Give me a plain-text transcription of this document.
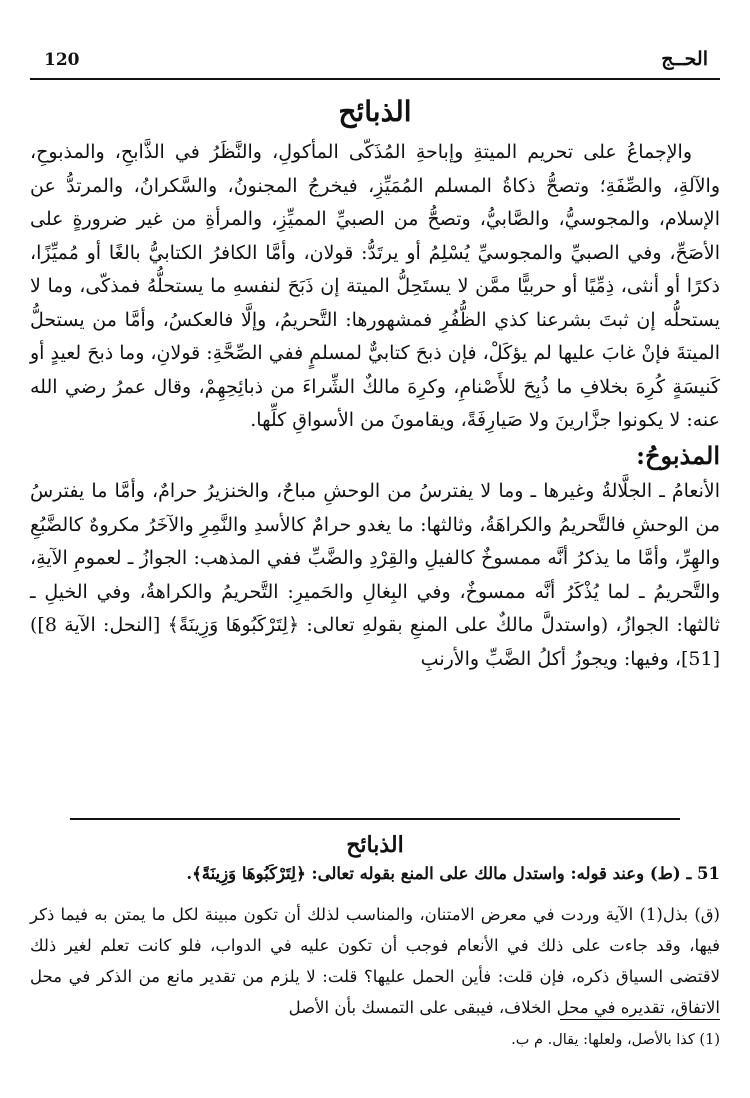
120	الحــج
الذبائح

والإجماعُ على تحريم الميتةِ وإباحةِ المُذَكّى المأكولِ، والنَّظَرُ في الذَّابحِ، والمذبوحِ، والآلةِ، والصِّفَةِ؛ وتصحُّ ذكاةُ المسلم المُمَيِّزِ، فيخرجُ المجنونُ، والسَّكرانُ، والمرتدُّ عن الإسلام، والمجوسيُّ، والصَّابيُّ، وتصحُّ من الصبيِّ المميِّزِ، والمرأةِ من غير ضرورةٍ على الأصَحِّ، وفي الصبيِّ والمجوسيِّ يُسْلِمُ أو يرتَدُّ: قولان، وأمَّا الكافرُ الكتابيُّ بالغًا أو مُميِّزًا، ذكرًا أو أنثى، ذِمِّيًا أو حربيًّا ممَّن لا يستَحِلُّ الميتة إن ذَبَحَ لنفسهِ ما يستحلُّهُ فمذكّى، وما لا يستحلُّه إن ثبتَ بشرعنا كذي الظُّفُرِ فمشهورها: التَّحريمُ، وإلَّا فالعكسُ، وأمَّا من يستحلُّ الميتةَ فإنْ غابَ عليها لم يؤكَلْ، فإن ذبحَ كتابيٌّ لمسلمٍ ففي الصِّحَّةِ: قولانِ، وما ذبحَ لعيدٍ أو كَنيسَةٍ كُرِهَ بخلافِ ما ذُبِحَ للأَصْنامِ، وكرِهَ مالكٌ الشِّراءَ من ذبائِحِهِمْ، وقال عمرُ رضي الله عنه: لا يكونوا جزَّارينَ ولا صَيارِفَةً، ويقامونَ من الأسواقِ كلِّها.

المذبوحُ:

الأنعامُ ـ الجلَّالةُ وغيرها ـ وما لا يفترسُ من الوحشِ مباحٌ، والخنزيرُ حرامٌ، وأمَّا ما يفترسُ من الوحشِ فالتَّحريمُ والكراهَةُ، وثالثها: ما يغدو حرامٌ كالأسدِ والنَّمِرِ والآخَرُ مكروهٌ كالضَّبُعِ والهِرِّ، وأمَّا ما يذكرُ أنَّه ممسوخٌ كالفيلِ والقِرْدِ والضَّبِّ ففي المذهب: الجوازُ ـ لعمومِ الآيةِ، والتَّحريمُ ـ لما يُذْكَرُ أنَّه ممسوخٌ، وفي البِغالِ والحَميرِ: التَّحريمُ والكراهةُ، وفي الخيلِ ـ ثالثها: الجوازُ، (واستدلَّ مالكٌ على المنعِ بقولهِ تعالى: ﴿لِتَرْكَبُوهَا وَزِينَةً﴾ [النحل: الآية 8])[51]، وفيها: ويجوزُ أكلُ الضَّبِّ والأرنبِ

الذبائح
51 ـ (ط) وعند قوله: واستدل مالك على المنع بقوله تعالى: ﴿لِتَرْكَبُوهَا وَزِينَةً﴾.

(ق) بذل(1) الآية وردت في معرض الامتنان، والمناسب لذلك أن تكون مبينة لكل ما يمتن به فيما ذكر فيها، وقد جاءت على ذلك في الأنعام فوجب أن تكون عليه في الدواب، فلو كانت تعلم لغير ذلك لاقتضى السياق ذكره، فإن قلت: فأين الحمل عليها؟ قلت: لا يلزم من تقدير مانع من الذكر في محل الاتفاق، تقديره في محل الخلاف، فيبقى على التمسك بأن الأصل

(1) كذا بالأصل، ولعلها: يقال. م ب.
